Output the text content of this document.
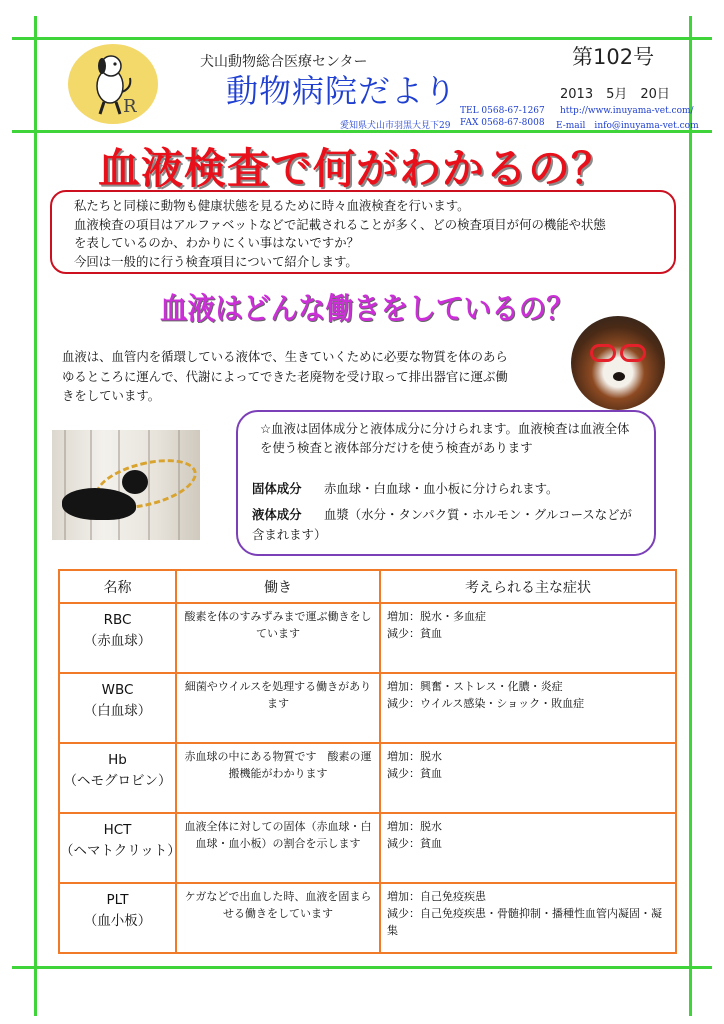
R
犬山動物総合医療センター
動物病院だより
第102号
2013　5月　20日
TEL 0568-67-1267 http://www.inuyama-vet.com/
愛知県犬山市羽黒大見下29 FAX 0568-67-8008 E-mail　info@inuyama-vet.com
血液検査で何がわかるの？
私たちと同様に動物も健康状態を見るために時々血液検査を行います。
血液検査の項目はアルファベットなどで記載されることが多く、どの検査項目が何の機能や状態
を表しているのか、わかりにくい事はないですか？
今回は一般的に行う検査項目について紹介します。
血液はどんな働きをしているの？
血液は、血管内を循環している液体で、生きていくために必要な物質を体のあら
ゆるところに運んで、代謝によってできた老廃物を受け取って排出器官に運ぶ働
きをしています。
☆血液は固体成分と液体成分に分けられます。血液検査は血液全体
を使う検査と液体部分だけを使う検査があります
固体成分 赤血球・白血球・血小板に分けられます。
液体成分 血漿（水分・タンパク質・ホルモン・グルコースなどが
含まれます）
名称	働き	考えられる主な症状

RBC
（赤血球）	酸素を体のすみずみまで運ぶ働きをしています	増加：脱水・多血症
減少：貧血

WBC
（白血球）	細菌やウイルスを処理する働きがあります	増加：興奮・ストレス・化膿・炎症
減少：ウイルス感染・ショック・敗血症

Hb
（ヘモグロビン）	赤血球の中にある物質です　酸素の運搬機能がわかります	増加：脱水
減少：貧血

HCT
（ヘマトクリット）	血液全体に対しての固体（赤血球・白血球・血小板）の割合を示します	増加：脱水
減少：貧血

PLT
（血小板）	ケガなどで出血した時、血液を固まらせる働きをしています	増加：自己免疫疾患
減少：自己免疫疾患・骨髄抑制・播種性血管内凝固・凝集
